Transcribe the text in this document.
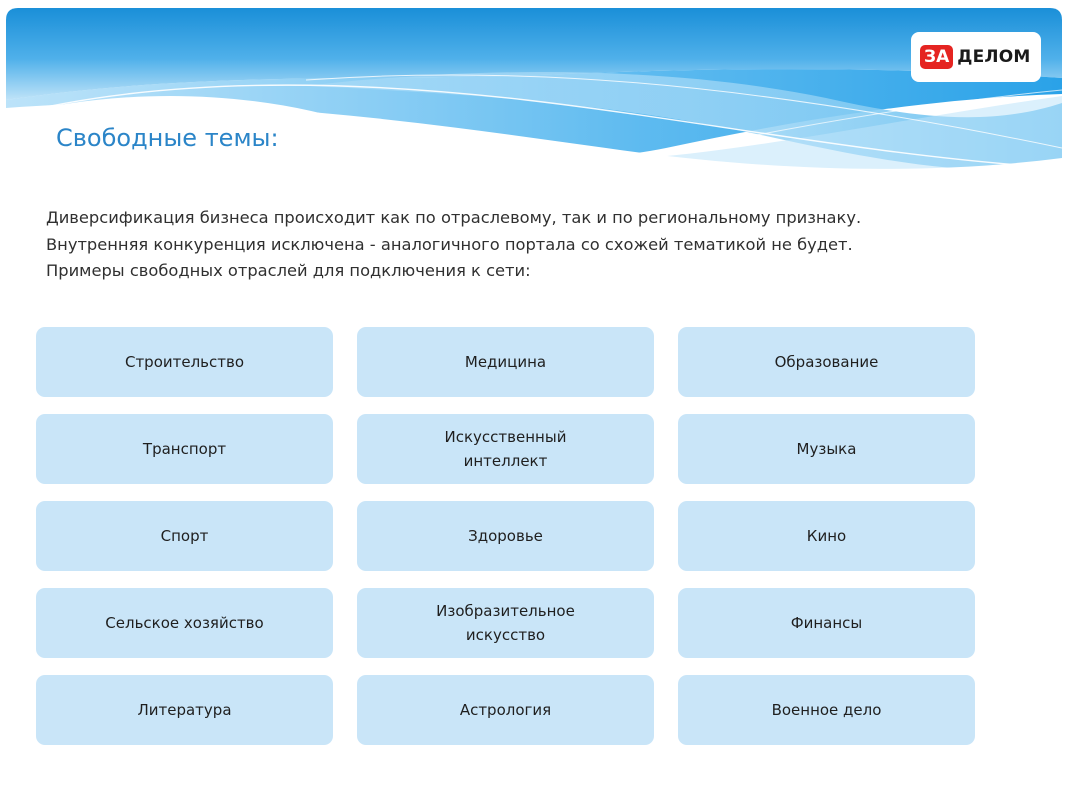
ЗА ДЕЛОМ
Свободные темы:

Диверсификация бизнеса происходит как по отраслевому, так и по региональному признаку.

Внутренняя конкуренция исключена - аналогичного портала со схожей тематикой не будет.

Примеры свободных отраслей для подключения к сети:

Строительство	Медицина	Образование
Транспорт
Искусственный интеллект
Музыка
Спорт	Здоровье	Кино
Сельское хозяйство
Изобразительное искусство
Финансы
Литература	Астрология	Военное дело
